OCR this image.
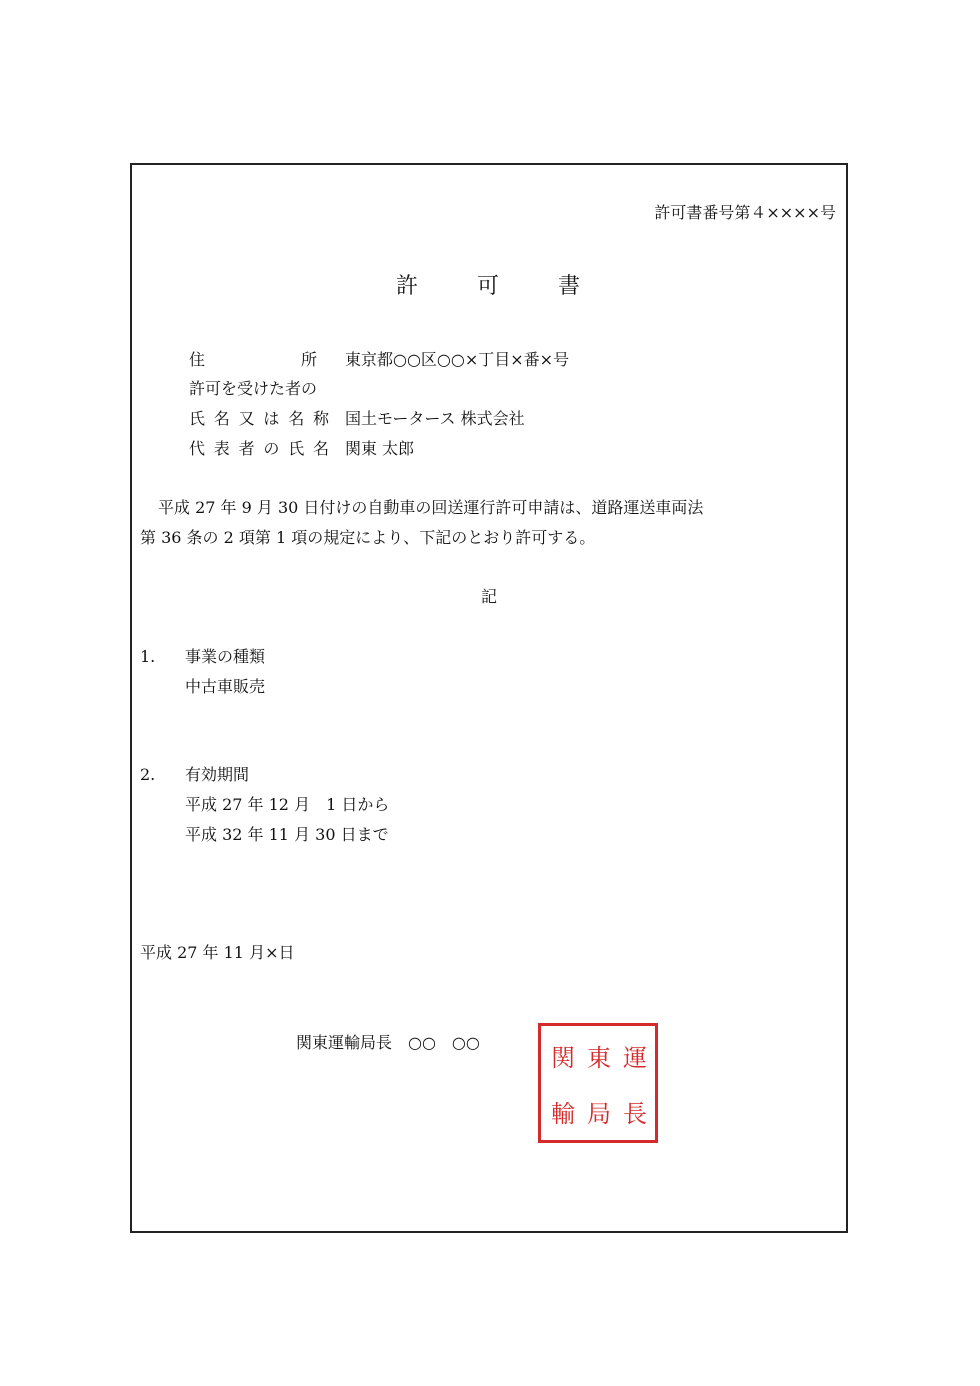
許可書番号第４××××号
許	可	書
住　　　　　　所	東京都○○区○○×丁目×番×号
許可を受けた者の
氏名又は名称 国土モータース 株式会社
代表者の氏名 関東 太郎
平成 27 年 9 月 30 日付けの自動車の回送運行許可申請は、道路運送車両法
第 36 条の 2 項第 1 項の規定により、下記のとおり許可する。
記
1. 事業の種類
中古車販売
2. 有効期間
平成 27 年 12 月　1 日から
平成 32 年 11 月 30 日まで
平成 27 年 11 月×日
関東運輸局長　○○　○○
関 東 運
輸 局 長
